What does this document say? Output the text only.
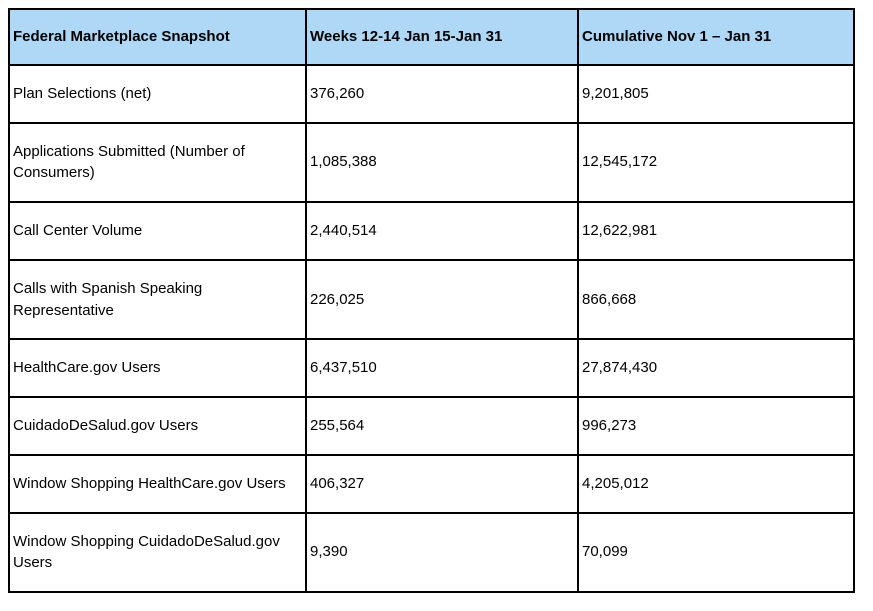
Federal Marketplace Snapshot	Weeks 12-14 Jan 15-Jan 31	Cumulative Nov 1 – Jan 31
Plan Selections (net)	376,260	9,201,805
Applications Submitted (Number of Consumers)	1,085,388	12,545,172
Call Center Volume	2,440,514	12,622,981
Calls with Spanish Speaking Representative	226,025	866,668
HealthCare.gov Users	6,437,510	27,874,430
CuidadoDeSalud.gov Users	255,564	996,273
Window Shopping HealthCare.gov Users	406,327	4,205,012
Window Shopping CuidadoDeSalud.gov Users	9,390	70,099
